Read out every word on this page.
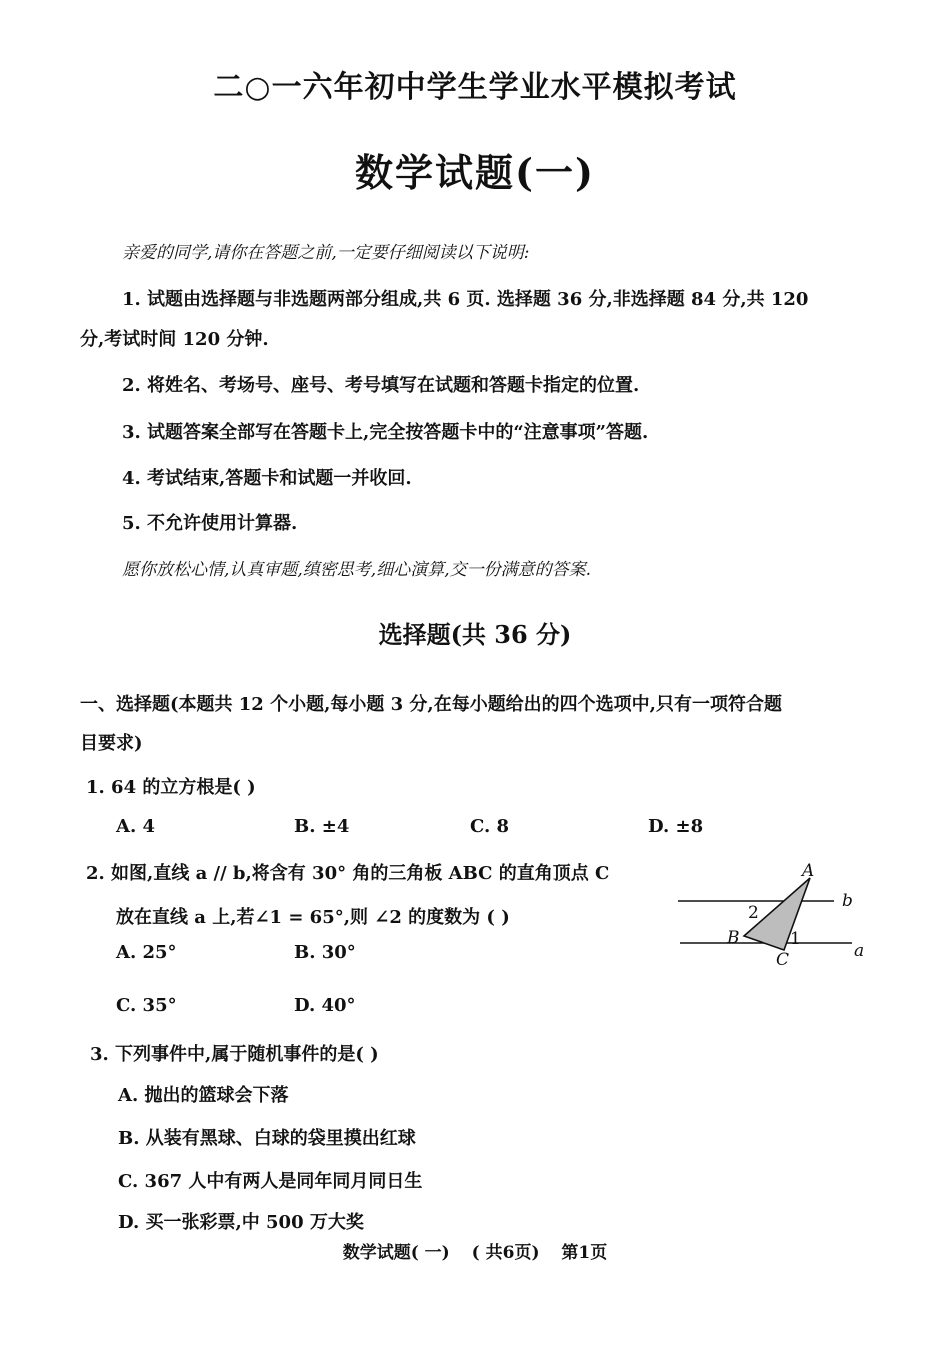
二○一六年初中学生学业水平模拟考试
数学试题(一)
亲爱的同学,请你在答题之前,一定要仔细阅读以下说明:
1. 试题由选择题与非选题两部分组成,共 6 页. 选择题 36 分,非选择题 84 分,共 120
分,考试时间 120 分钟.
2. 将姓名、考场号、座号、考号填写在试题和答题卡指定的位置.
3. 试题答案全部写在答题卡上,完全按答题卡中的“注意事项”答题.
4. 考试结束,答题卡和试题一并收回.
5. 不允许使用计算器.
愿你放松心情,认真审题,缜密思考,细心演算,交一份满意的答案.
选择题(共 36 分)
一、选择题(本题共 12 个小题,每小题 3 分,在每小题给出的四个选项中,只有一项符合题
目要求)
1. 64 的立方根是( )
A. 4	B. ±4	C. 8	D. ±8
2. 如图,直线 a // b,将含有 30° 角的三角板 ABC 的直角顶点 C
放在直线 a 上,若∠1 = 65°,则 ∠2 的度数为 ( )
A. 25°	B. 30°
C. 35°	D. 40°
A
B
C
b
a
1
2
3. 下列事件中,属于随机事件的是( )
A. 抛出的篮球会下落
B. 从装有黑球、白球的袋里摸出红球
C. 367 人中有两人是同年同月同日生
D. 买一张彩票,中 500 万大奖
数学试题( 一) ( 共6页) 第1页
